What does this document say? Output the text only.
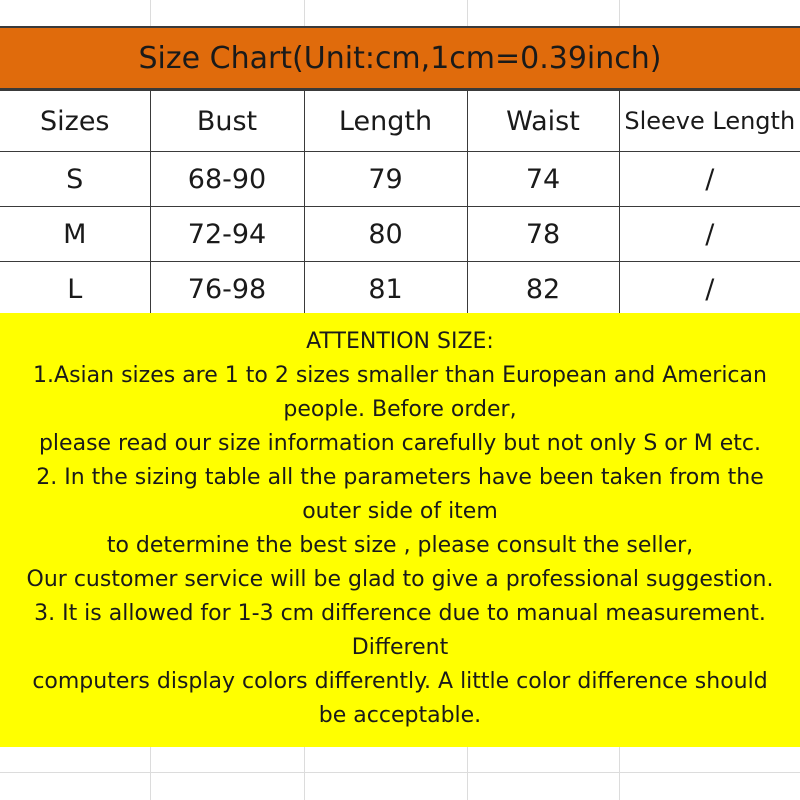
Size Chart(Unit:cm,1cm=0.39inch)
Sizes	Bust	Length	Waist	Sleeve Length
S	68-90	79	74	/
M	72-94	80	78	/
L	76-98	81	82	/
ATTENTION SIZE:
1.Asian sizes are 1 to 2 sizes smaller than European and American
people. Before order,
please read our size information carefully but not only S or M etc.
2. In the sizing table all the parameters have been taken from the
outer side of item
to determine the best size , please consult the seller,
Our customer service will be glad to give a professional suggestion.
3. It is allowed for 1-3 cm difference due to manual measurement.
Different
computers display colors differently. A little color difference should
be acceptable.
